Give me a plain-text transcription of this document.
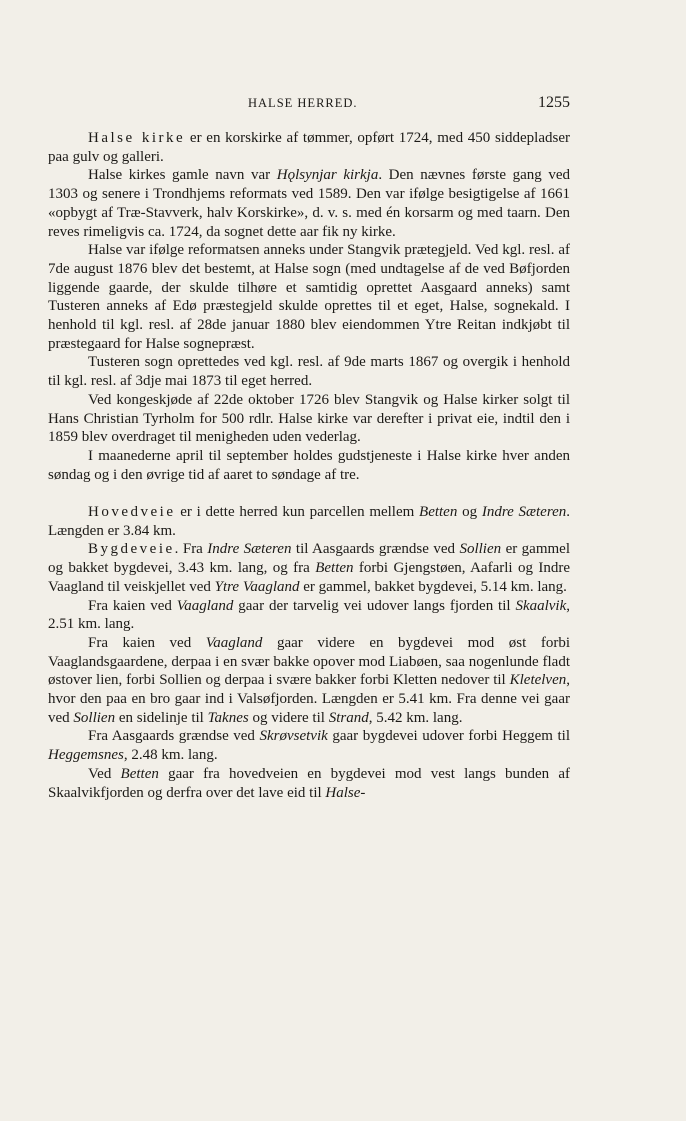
HALSE HERRED.	1255

Halse kirke er en korskirke af tømmer, opført 1724, med 450 siddepladser paa gulv og galleri.

Halse kirkes gamle navn var Hǫlsynjar kirkja. Den nævnes første gang ved 1303 og senere i Trondhjems reformats ved 1589. Den var ifølge besigtigelse af 1661 «opbygt af Træ-Stavverk, halv Korskirke», d. v. s. med én korsarm og med taarn. Den reves rimeligvis ca. 1724, da sognet dette aar fik ny kirke.

Halse var ifølge reformatsen anneks under Stangvik prætegjeld. Ved kgl. resl. af 7de august 1876 blev det bestemt, at Halse sogn (med undtagelse af de ved Bøfjorden liggende gaarde, der skulde tilhøre et samtidig oprettet Aasgaard anneks) samt Tusteren anneks af Edø præstegjeld skulde oprettes til et eget, Halse, sognekald. I henhold til kgl. resl. af 28de januar 1880 blev eiendommen Ytre Reitan indkjøbt til præstegaard for Halse sognepræst.

Tusteren sogn oprettedes ved kgl. resl. af 9de marts 1867 og overgik i henhold til kgl. resl. af 3dje mai 1873 til eget herred.

Ved kongeskjøde af 22de oktober 1726 blev Stangvik og Halse kirker solgt til Hans Christian Tyrholm for 500 rdlr. Halse kirke var derefter i privat eie, indtil den i 1859 blev overdraget til menigheden uden vederlag.

I maanederne april til september holdes gudstjeneste i Halse kirke hver anden søndag og i den øvrige tid af aaret to søndage af tre.

Hovedveie er i dette herred kun parcellen mellem Betten og Indre Sæteren. Længden er 3.84 km.

Bygdeveie. Fra Indre Sæteren til Aasgaards grændse ved Sollien er gammel og bakket bygdevei, 3.43 km. lang, og fra Betten forbi Gjengstøen, Aafarli og Indre Vaagland til veiskjellet ved Ytre Vaagland er gammel, bakket bygdevei, 5.14 km. lang.

Fra kaien ved Vaagland gaar der tarvelig vei udover langs fjorden til Skaalvik, 2.51 km. lang.

Fra kaien ved Vaagland gaar videre en bygdevei mod øst forbi Vaaglandsgaardene, derpaa i en svær bakke opover mod Liabøen, saa nogenlunde fladt østover lien, forbi Sollien og derpaa i svære bakker forbi Kletten nedover til Kletelven, hvor den paa en bro gaar ind i Valsøfjorden. Længden er 5.41 km. Fra denne vei gaar ved Sollien en sidelinje til Taknes og videre til Strand, 5.42 km. lang.

Fra Aasgaards grændse ved Skrøvsetvik gaar bygdevei udover forbi Heggem til Heggemsnes, 2.48 km. lang.

Ved Betten gaar fra hovedveien en bygdevei mod vest langs bunden af Skaalvikfjorden og derfra over det lave eid til Halse-
